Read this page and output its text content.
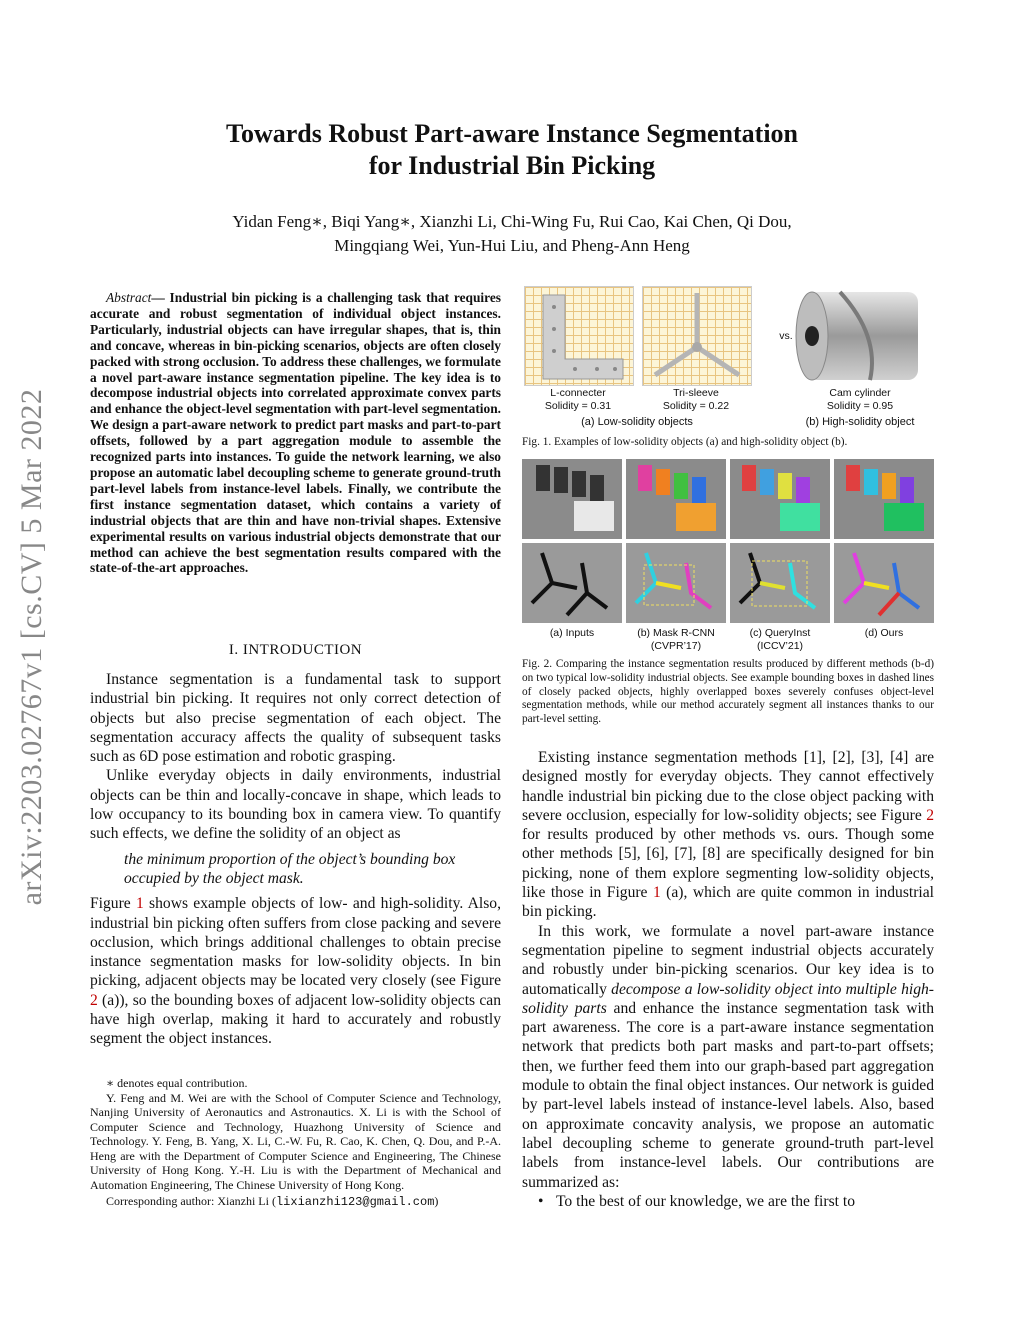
arXiv:2203.02767v1 [cs.CV] 5 Mar 2022
Towards Robust Part-aware Instance Segmentation
for Industrial Bin Picking
Yidan Feng∗, Biqi Yang∗, Xianzhi Li, Chi-Wing Fu, Rui Cao, Kai Chen, Qi Dou,
Mingqiang Wei, Yun-Hui Liu, and Pheng-Ann Heng
Abstract— Industrial bin picking is a challenging task that requires accurate and robust segmentation of individual object instances. Particularly, industrial objects can have irregular shapes, that is, thin and concave, whereas in bin-picking scenarios, objects are often closely packed with strong occlusion. To address these challenges, we formulate a novel part-aware instance segmentation pipeline. The key idea is to decompose industrial objects into correlated approximate convex parts and enhance the object-level segmentation with part-level segmentation. We design a part-aware network to predict part masks and part-to-part offsets, followed by a part aggregation module to assemble the recognized parts into instances. To guide the network learning, we also propose an automatic label decoupling scheme to generate ground-truth part-level labels from instance-level labels. Finally, we contribute the first instance segmentation dataset, which contains a variety of industrial objects that are thin and have non-trivial shapes. Extensive experimental results on various industrial objects demonstrate that our method can achieve the best segmentation results compared with the state-of-the-art approaches.
I. INTRODUCTION

Instance segmentation is a fundamental task to support industrial bin picking. It requires not only correct detection of objects but also precise segmentation of each object. The segmentation accuracy affects the quality of subsequent tasks such as 6D pose estimation and robotic grasping.

Unlike everyday objects in daily environments, industrial objects can be thin and locally-concave in shape, which leads to low occupancy to its bounding box in camera view. To quantify such effects, we define the solidity of an object as

the minimum proportion of the object’s bounding box occupied by the object mask.

Figure 1 shows example objects of low- and high-solidity. Also, industrial bin picking often suffers from close packing and severe occlusion, which brings additional challenges to obtain precise instance segmentation masks for low-solidity objects. In bin picking, adjacent objects may be located very closely (see Figure 2 (a)), so the bounding boxes of adjacent low-solidity objects can have high overlap, making it hard to accurately and robustly segment the object instances.

∗ denotes equal contribution.
Y. Feng and M. Wei are with the School of Computer Science and Technology, Nanjing University of Aeronautics and Astronautics. X. Li is with the School of Computer Science and Technology, Huazhong University of Science and Technology. Y. Feng, B. Yang, X. Li, C.-W. Fu, R. Cao, K. Chen, Q. Dou, and P.-A. Heng are with the Department of Computer Science and Engineering, The Chinese University of Hong Kong. Y.-H. Liu is with the Department of Mechanical and Automation Engineering, The Chinese University of Hong Kong.
Corresponding author: Xianzhi Li (lixianzhi123@gmail.com)
vs.
L-connecter
Solidity = 0.31
Tri-sleeve
Solidity = 0.22
Cam cylinder
Solidity = 0.95
(a) Low-solidity objects	(b) High-solidity object
Fig. 1. Examples of low-solidity objects (a) and high-solidity object (b).
(a) Inputs	(b) Mask R-CNN
(CVPR’17)
(c) QueryInst
(ICCV’21)
(d) Ours
Fig. 2. Comparing the instance segmentation results produced by different methods (b-d) on two typical low-solidity industrial objects. See example bounding boxes in dashed lines of closely packed objects, highly overlapped boxes severely confuses object-level segmentation methods, while our method accurately segment all instances thanks to our part-level setting.

Existing instance segmentation methods [1], [2], [3], [4] are designed mostly for everyday objects. They cannot effectively handle industrial bin picking due to the close object packing with severe occlusion, especially for low-solidity objects; see Figure 2 for results produced by other methods vs. ours. Though some other methods [5], [6], [7], [8] are specifically designed for bin picking, none of them explore segmenting low-solidity objects, like those in Figure 1 (a), which are quite common in industrial bin picking.

In this work, we formulate a novel part-aware instance segmentation pipeline to segment industrial objects accurately and robustly under bin-picking scenarios. Our key idea is to automatically decompose a low-solidity object into multiple high-solidity parts and enhance the instance segmentation task with part awareness. The core is a part-aware instance segmentation network that predicts both part masks and part-to-part offsets; then, we further feed them into our graph-based part aggregation module to obtain the final object instances. Our network is guided by part-level labels instead of instance-level labels. Also, based on approximate concavity analysis, we propose an automatic label decoupling scheme to generate ground-truth part-level labels from instance-level labels. Our contributions are summarized as:

• To the best of our knowledge, we are the first to
